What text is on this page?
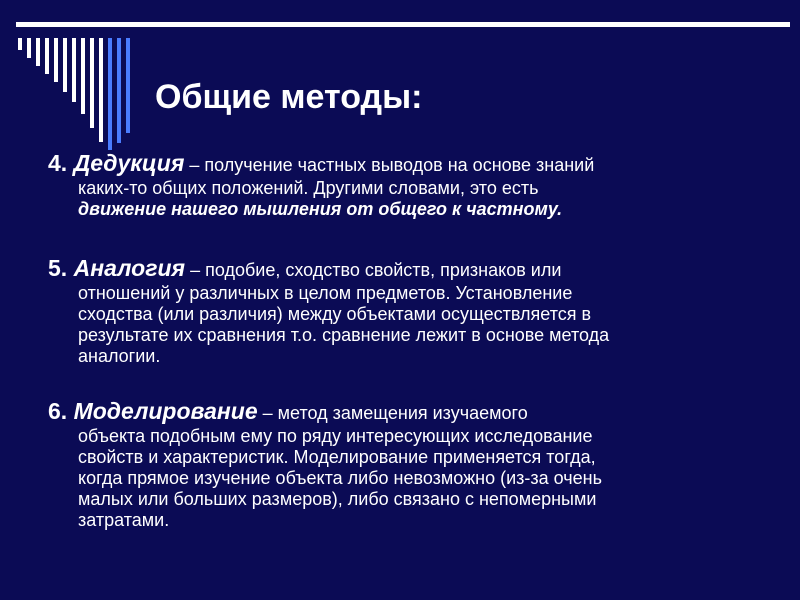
Общие методы:
4. Дедукция – получение частных выводов на основе знаний
каких-то общих положений. Другими словами, это есть
движение нашего мышления от общего к частному.
5. Аналогия – подобие, сходство свойств, признаков или
отношений у различных в целом предметов. Установление
сходства (или различия) между объектами осуществляется в
результате их сравнения т.о. сравнение лежит в основе метода
аналогии.
6. Моделирование – метод замещения изучаемого
объекта подобным ему по ряду интересующих исследование
свойств и характеристик. Моделирование применяется тогда,
когда прямое изучение объекта либо невозможно (из-за очень
малых или больших размеров), либо связано с непомерными
затратами.
